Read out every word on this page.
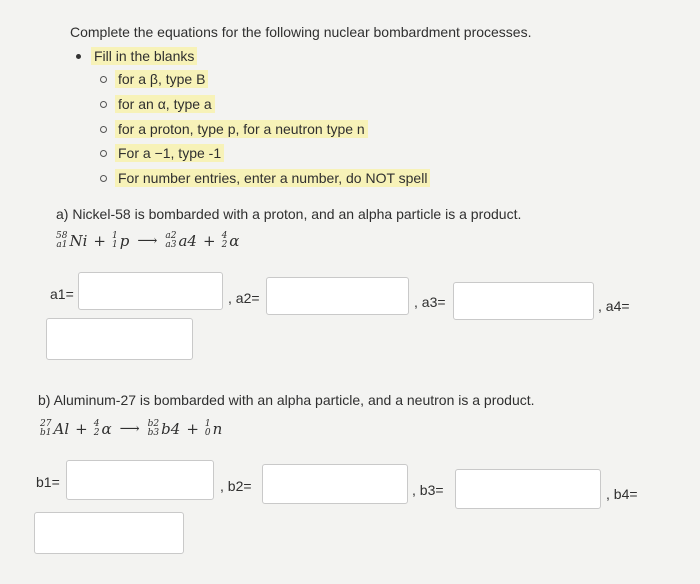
Complete the equations for the following nuclear bombardment processes.
Fill in the blanks
for a β, type B
for an α, type a
for a proton, type p, for a neutron type n
For a −1, type -1
For number entries, enter a number, do NOT spell
a) Nickel-58 is bombarded with a proton, and an alpha particle is a product.
58
a1 Ni + 1
1 p ⟶ a2
a3 a4 + 4
2 α
a1=	, a2=	, a3=	, a4=
b) Aluminum-27 is bombarded with an alpha particle, and a neutron is a product.
27
b1 Al + 4
2 α ⟶ b2
b3 b4 + 1
0 n
b1=	, b2=	, b3=	, b4=
